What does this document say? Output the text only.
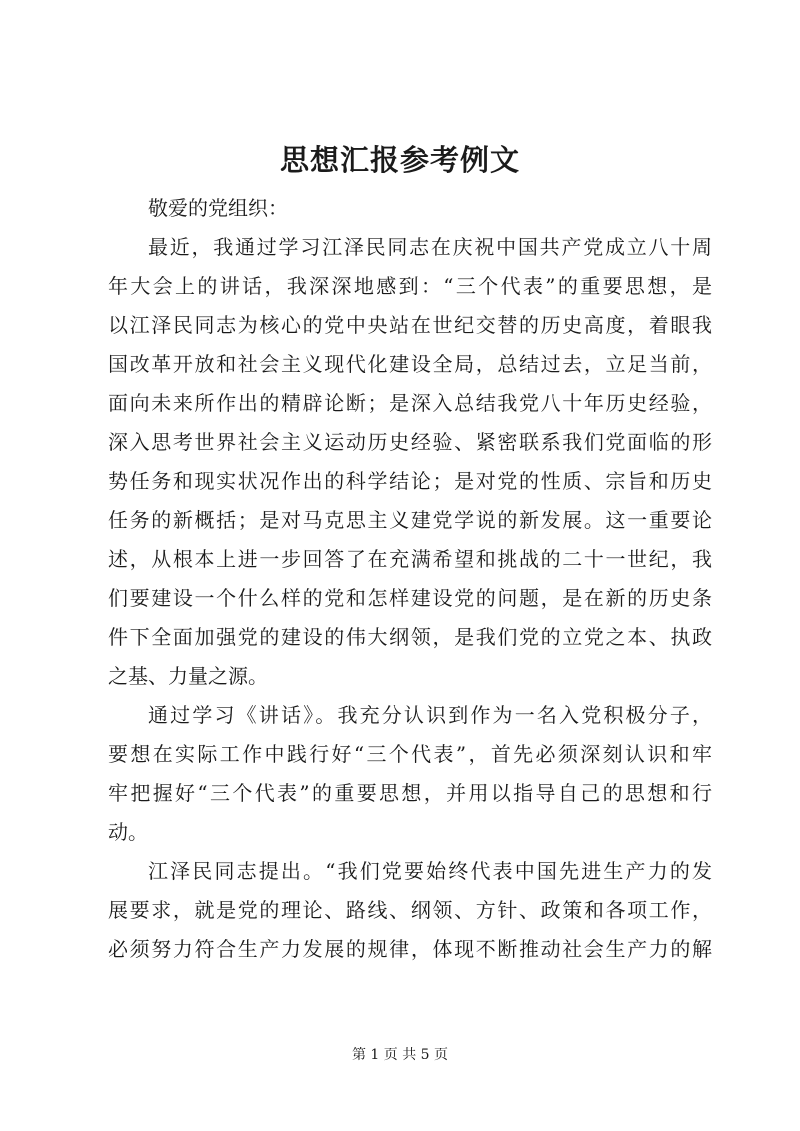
思想汇报参考例文
敬爱的党组织：
最近，我通过学习江泽民同志在庆祝中国共产党成立八十周
年大会上的讲话，我深深地感到：“三个代表”的重要思想，是
以江泽民同志为核心的党中央站在世纪交替的历史高度，着眼我
国改革开放和社会主义现代化建设全局，总结过去，立足当前，
面向未来所作出的精辟论断；是深入总结我党八十年历史经验，
深入思考世界社会主义运动历史经验、紧密联系我们党面临的形
势任务和现实状况作出的科学结论；是对党的性质、宗旨和历史
任务的新概括；是对马克思主义建党学说的新发展。这一重要论
述，从根本上进一步回答了在充满希望和挑战的二十一世纪，我
们要建设一个什么样的党和怎样建设党的问题，是在新的历史条
件下全面加强党的建设的伟大纲领，是我们党的立党之本、执政
之基、力量之源。
通过学习《讲话》。我充分认识到作为一名入党积极分子，
要想在实际工作中践行好“三个代表”，首先必须深刻认识和牢
牢把握好“三个代表”的重要思想，并用以指导自己的思想和行
动。
江泽民同志提出。“我们党要始终代表中国先进生产力的发
展要求，就是党的理论、路线、纲领、方针、政策和各项工作，
必须努力符合生产力发展的规律，体现不断推动社会生产力的解
第 1 页 共 5 页
